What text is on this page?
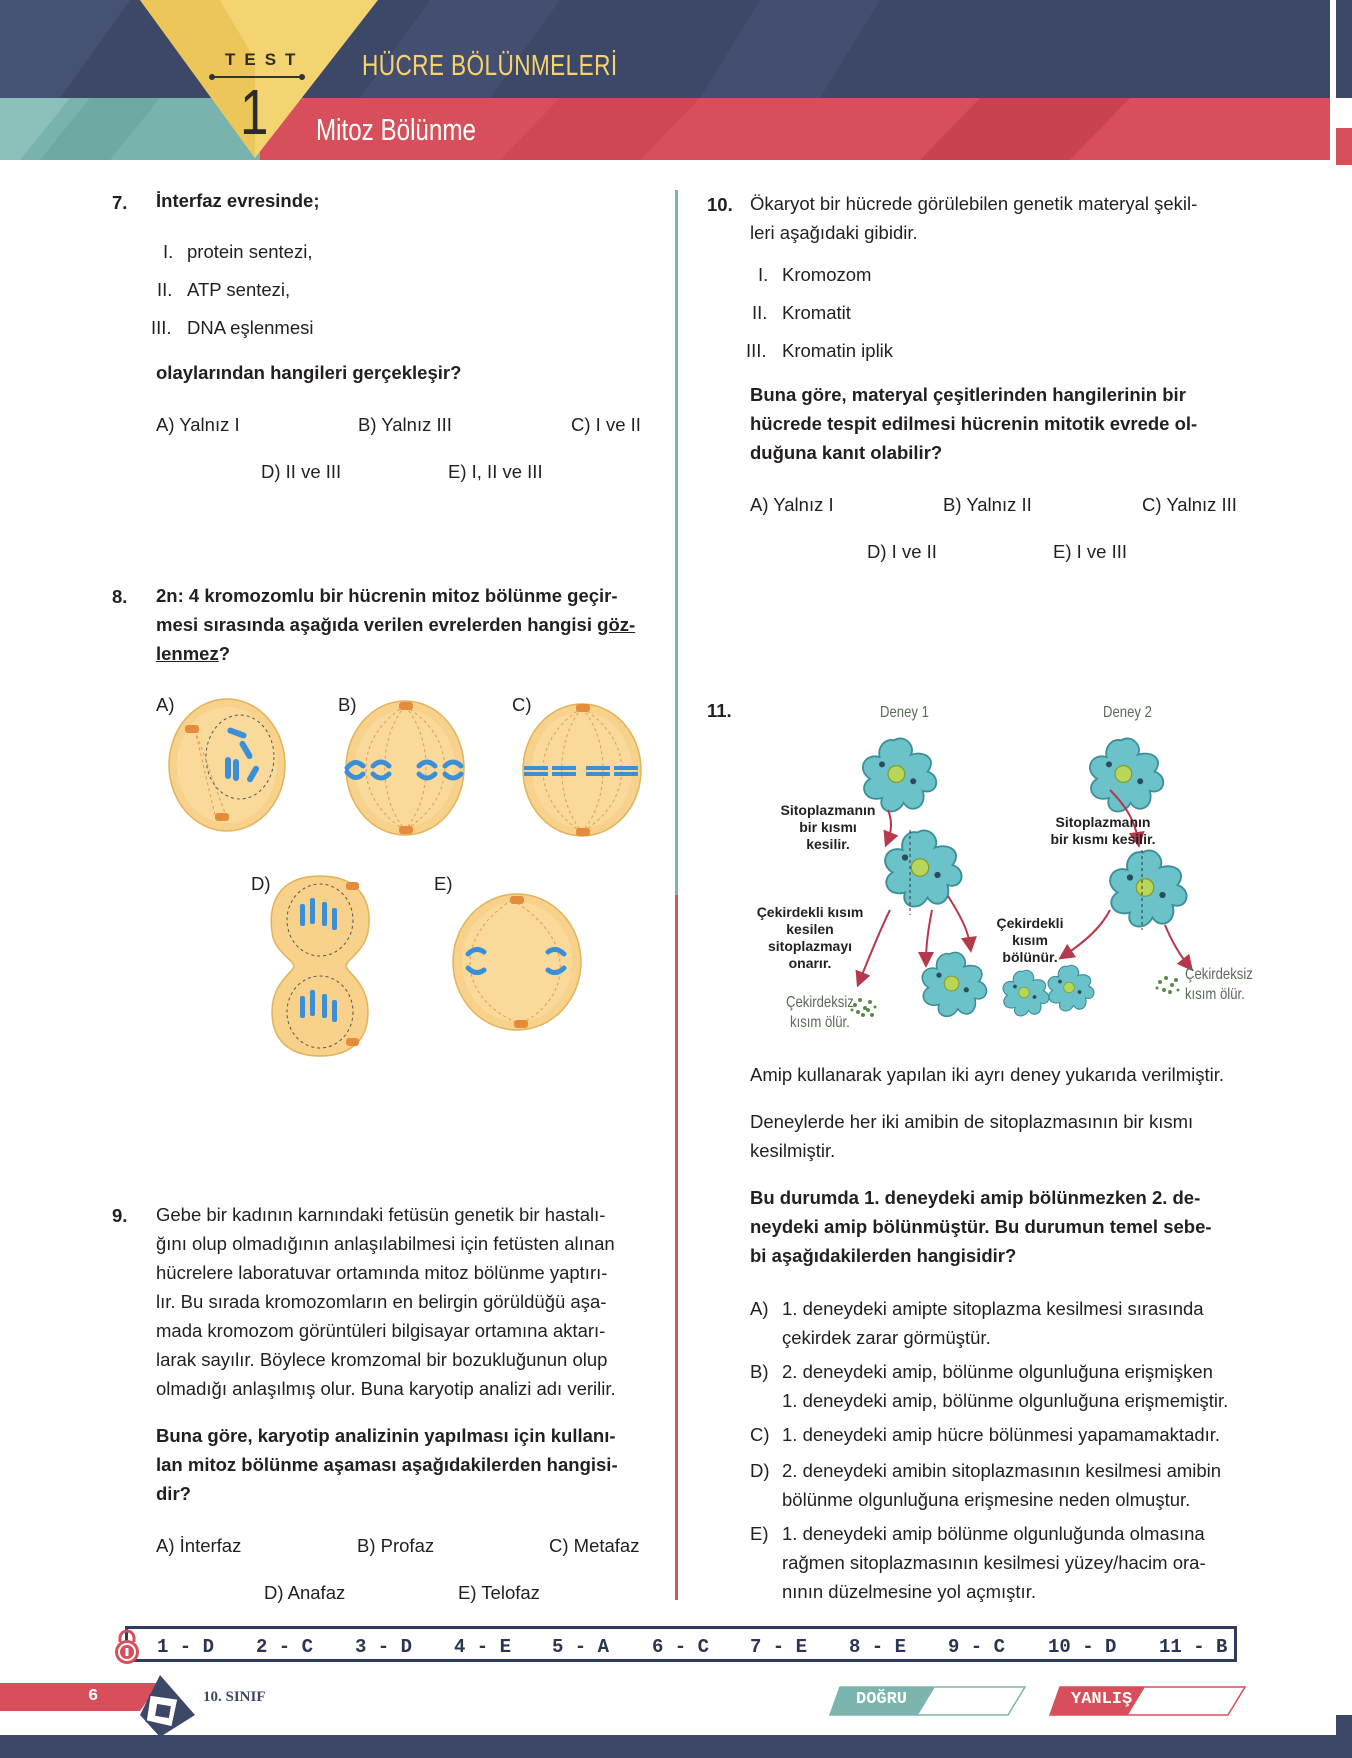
TEST
1
HÜCRE BÖLÜNMELERİ
Mitoz Bölünme
7. İnterfaz evresinde;
I. protein sentezi,
II. ATP sentezi,
III. DNA eşlenmesi
olaylarından hangileri gerçekleşir?
A) Yalnız I	B) Yalnız III	C) I ve II
D) II ve III	E) I, II ve III
8. 2n: 4 kromozomlu bir hücrenin mitoz bölünme geçir-
mesi sırasında aşağıda verilen evrelerden hangisi göz-
lenmez?
A)	B)	C)
D)	E)
9. Gebe bir kadının karnındaki fetüsün genetik bir hastalı-
ğını olup olmadığının anlaşılabilmesi için fetüsten alınan
hücrelere laboratuvar ortamında mitoz bölünme yaptırı-
lır. Bu sırada kromozomların en belirgin görüldüğü aşa-
mada kromozom görüntüleri bilgisayar ortamına aktarı-
larak sayılır. Böylece kromzomal bir bozukluğunun olup
olmadığı anlaşılmış olur. Buna karyotip analizi adı verilir.
Buna göre, karyotip analizinin yapılması için kullanı-
lan mitoz bölünme aşaması aşağıdakilerden hangisi-
dir?
A) İnterfaz	B) Profaz	C) Metafaz
D) Anafaz	E) Telofaz
10. Ökaryot bir hücrede görülebilen genetik materyal şekil-
leri aşağıdaki gibidir.
I. Kromozom
II. Kromatit
III. Kromatin iplik
Buna göre, materyal çeşitlerinden hangilerinin bir
hücrede tespit edilmesi hücrenin mitotik evrede ol-
duğuna kanıt olabilir?
A) Yalnız I	B) Yalnız II	C) Yalnız III
D) I ve II	E) I ve III
11.	Deney 1	Deney 2
Sitoplazmanın
bir kısmı
kesilir.
Çekirdekli kısım
kesilen
sitoplazmayı
onarır.
Çekirdeksiz
kısım ölür.
Sitoplazmanın
bir kısmı kesilir.
Çekirdekli
kısım
bölünür.
Çekirdeksiz
kısım ölür.
Amip kullanarak yapılan iki ayrı deney yukarıda verilmiştir.
Deneylerde her iki amibin de sitoplazmasının bir kısmı
kesilmiştir.
Bu durumda 1. deneydeki amip bölünmezken 2. de-
neydeki amip bölünmüştür. Bu durumun temel sebe-
bi aşağıdakilerden hangisidir?
A) 1. deneydeki amipte sitoplazma kesilmesi sırasında
çekirdek zarar görmüştür.
B) 2. deneydeki amip, bölünme olgunluğuna erişmişken
1. deneydeki amip, bölünme olgunluğuna erişmemiştir.
C) 1. deneydeki amip hücre bölünmesi yapamamaktadır.
D) 2. deneydeki amibin sitoplazmasının kesilmesi amibin
bölünme olgunluğuna erişmesine neden olmuştur.
E) 1. deneydeki amip bölünme olgunluğunda olmasına
rağmen sitoplazmasının kesilmesi yüzey/hacim ora-
nının düzelmesine yol açmıştır.
1 - D 2 - C 3 - D 4 - E 5 - A 6 - C 7 - E 8 - E 9 - C 10 - D 11 - B
6	10. SINIF	DOĞRU	YANLIŞ
